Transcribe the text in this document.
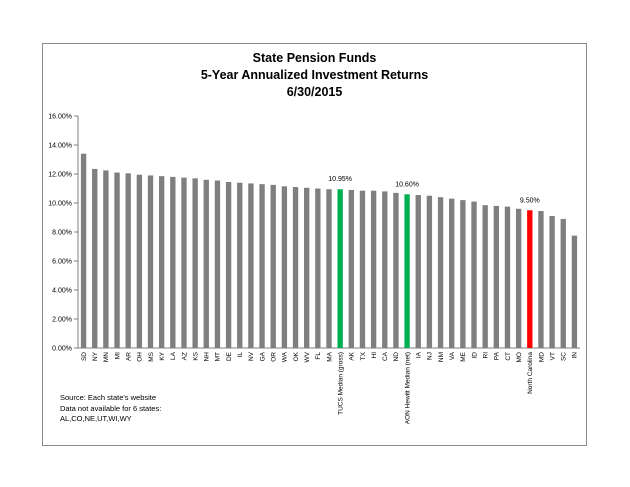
State Pension Funds
5-Year Annualized Investment Returns
6/30/2015
0.00%
2.00%
4.00%
6.00%
8.00%
10.00%
12.00%
14.00%
16.00%
SD NY MN MI AR OH MS KY LA AZ KS NH MT DE IL NV GA OR WA OK WV FL MA TUCS Median (gross) AK TX HI CA ND AON Hewitt Median (net) IA NJ NM VA ME ID RI PA CT MO North Carolina MD VT SC IN
10.95%
10.60%
9.50%
Source: Each state's website
Data not available for 6 states:
AL,CO,NE,UT,WI,WY
